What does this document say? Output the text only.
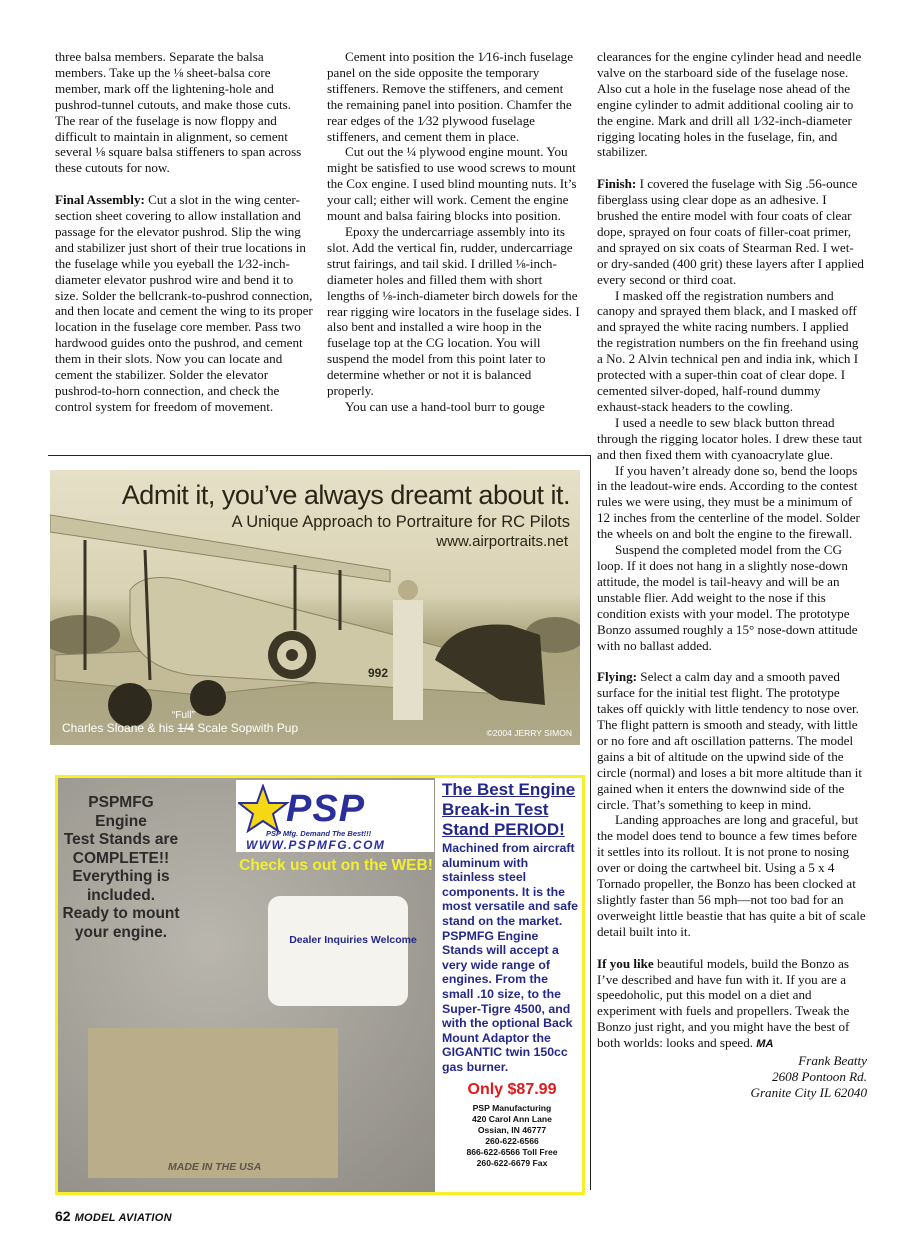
three balsa members. Separate the balsa members. Take up the ⅛ sheet-balsa core member, mark off the lightening-hole and pushrod-tunnel cutouts, and make those cuts. The rear of the fuselage is now floppy and difficult to maintain in alignment, so cement several ⅛ square balsa stiffeners to span across these cutouts for now.

Final Assembly: Cut a slot in the wing center-section sheet covering to allow installation and passage for the elevator pushrod. Slip the wing and stabilizer just short of their true locations in the fuselage while you eyeball the 1⁄32-inch-diameter elevator pushrod wire and bend it to size. Solder the bellcrank-to-pushrod connection, and then locate and cement the wing to its proper location in the fuselage core member. Pass two hardwood guides onto the pushrod, and cement them in their slots. Now you can locate and cement the stabilizer. Solder the elevator pushrod-to-horn connection, and check the control system for freedom of movement.

Cement into position the 1⁄16-inch fuselage panel on the side opposite the temporary stiffeners. Remove the stiffeners, and cement the remaining panel into position. Chamfer the rear edges of the 1⁄32 plywood fuselage stiffeners, and cement them in place.

Cut out the ¼ plywood engine mount. You might be satisfied to use wood screws to mount the Cox engine. I used blind mounting nuts. It’s your call; either will work. Cement the engine mount and balsa fairing blocks into position.

Epoxy the undercarriage assembly into its slot. Add the vertical fin, rudder, undercarriage strut fairings, and tail skid. I drilled ⅛-inch-diameter holes and filled them with short lengths of ⅛-inch-diameter birch dowels for the rear rigging wire locators in the fuselage sides. I also bent and installed a wire hoop in the fuselage top at the CG location. You will suspend the model from this point later to determine whether or not it is balanced properly.

You can use a hand-tool burr to gouge

clearances for the engine cylinder head and needle valve on the starboard side of the fuselage nose. Also cut a hole in the fuselage nose ahead of the engine cylinder to admit additional cooling air to the engine. Mark and drill all 1⁄32-inch-diameter rigging locating holes in the fuselage, fin, and stabilizer.

Finish: I covered the fuselage with Sig .56-ounce fiberglass using clear dope as an adhesive. I brushed the entire model with four coats of clear dope, sprayed on four coats of filler-coat primer, and sprayed on six coats of Stearman Red. I wet- or dry-sanded (400 grit) these layers after I applied every second or third coat.

I masked off the registration numbers and canopy and sprayed them black, and I masked off and sprayed the white racing numbers. I applied the registration numbers on the fin freehand using a No. 2 Alvin technical pen and india ink, which I protected with a super-thin coat of clear dope. I cemented silver-doped, half-round dummy exhaust-stack headers to the cowling.

I used a needle to sew black button thread through the rigging locator holes. I drew these taut and then fixed them with cyanoacrylate glue.

If you haven’t already done so, bend the loops in the leadout-wire ends. According to the contest rules we were using, they must be a minimum of 12 inches from the centerline of the model. Solder the wheels on and bolt the engine to the firewall.

Suspend the completed model from the CG loop. If it does not hang in a slightly nose-down attitude, the model is tail-heavy and will be an unstable flier. Add weight to the nose if this condition exists with your model. The prototype Bonzo assumed roughly a 15° nose-down attitude with no ballast added.

Flying: Select a calm day and a smooth paved surface for the initial test flight. The prototype takes off quickly with little tendency to nose over. The flight pattern is smooth and steady, with little or no fore and aft oscillation patterns. The model gains a bit of altitude on the upwind side of the circle (normal) and loses a bit more altitude than it gained when it enters the downwind side of the circle. That’s something to keep in mind.

Landing approaches are long and graceful, but the model does tend to bounce a few times before it settles into its rollout. It is not prone to nosing over or doing the cartwheel bit. Using a 5 x 4 Tornado propeller, the Bonzo has been clocked at slightly faster than 56 mph—not too bad for an overweight little beastie that has quite a bit of scale detail built into it.

If you like beautiful models, build the Bonzo as I’ve described and have fun with it. If you are a speedoholic, put this model on a diet and experiment with fuels and propellers. Tweak the Bonzo just right, and you might have the best of both worlds: looks and speed. MA

Frank Beatty
2608 Pontoon Rd.
Granite City IL 62040
992
Admit it, you’ve always dreamt about it.
A Unique Approach to Portraiture for RC Pilots
www.airportraits.net
“Full”
Charles Sloane & his 1/4 Scale Sopwith Pup	©2004 JERRY SIMON
PSPMFG
Engine
Test Stands are
COMPLETE!!
Everything is
included.
Ready to mount
your engine.
PSP
PSP Mfg. Demand The Best!!!
WWW.PSPMFG.COM
Check us out on the WEB!
Dealer Inquiries Welcome
MADE IN THE USA
The Best Engine Break-in Test Stand PERIOD!
Machined from aircraft aluminum with stainless steel components. It is the most versatile and safe stand on the market. PSPMFG Engine Stands will accept a very wide range of engines. From the small .10 size, to the Super-Tigre 4500, and with the optional Back Mount Adaptor the GIGANTIC twin 150cc gas burner.
Only $87.99
PSP Manufacturing
420 Carol Ann Lane
Ossian, IN 46777
260-622-6566
866-622-6566 Toll Free
260-622-6679 Fax
62 MODEL AVIATION
